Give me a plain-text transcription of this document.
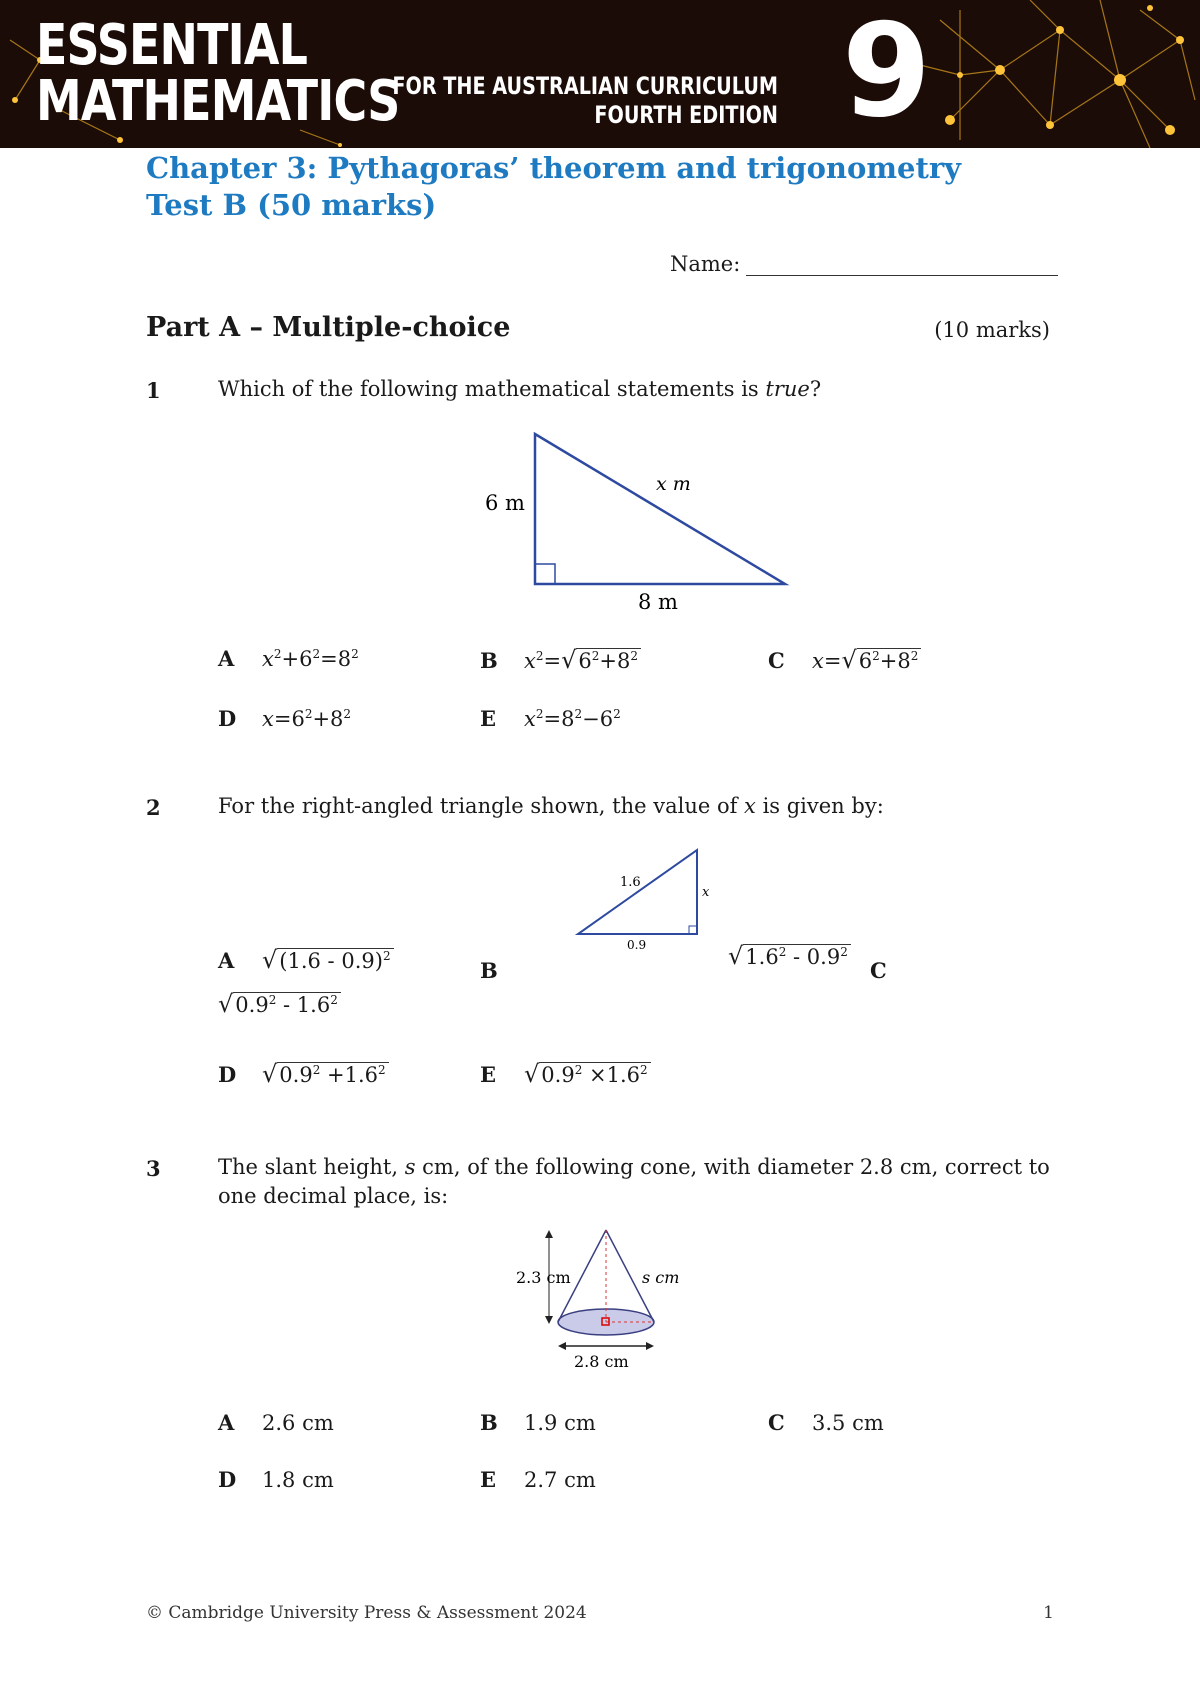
ESSENTIAL
MATHEMATICS
FOR THE AUSTRALIAN CURRICULUM
FOURTH EDITION 9
Chapter 3: Pythagoras’ theorem and trigonometry
Test B (50 marks)
Name:
Part A – Multiple-choice	(10 marks)
1	Which of the following mathematical statements is true?
6 m
x m
8 m
A $x^2+6^2=8^2$	B $x^2=√6^2+8^2$	C $x=√6^2+8^2$
D $x=6^2+8^2$	E $x^2=8^2-6^2$
2	For the right-angled triangle shown, the value of x is given by:
1.6
x
0.9
A √(1.6 - 0.9)$^2$
B
$√1.6^2 - 0.9^2$
C
$√0.9^2 - 1.6^2$
D $√0.9^2 +1.6^2$	E $√0.9^2 \times 1.6^2$
3	The slant height, s cm, of the following cone, with diameter 2.8 cm, correct to one decimal place, is:
2.3 cm	s cm
2.8 cm
A 2.6 cm	B 1.9 cm	C 3.5 cm
D 1.8 cm	E 2.7 cm
© Cambridge University Press & Assessment 2024	1
